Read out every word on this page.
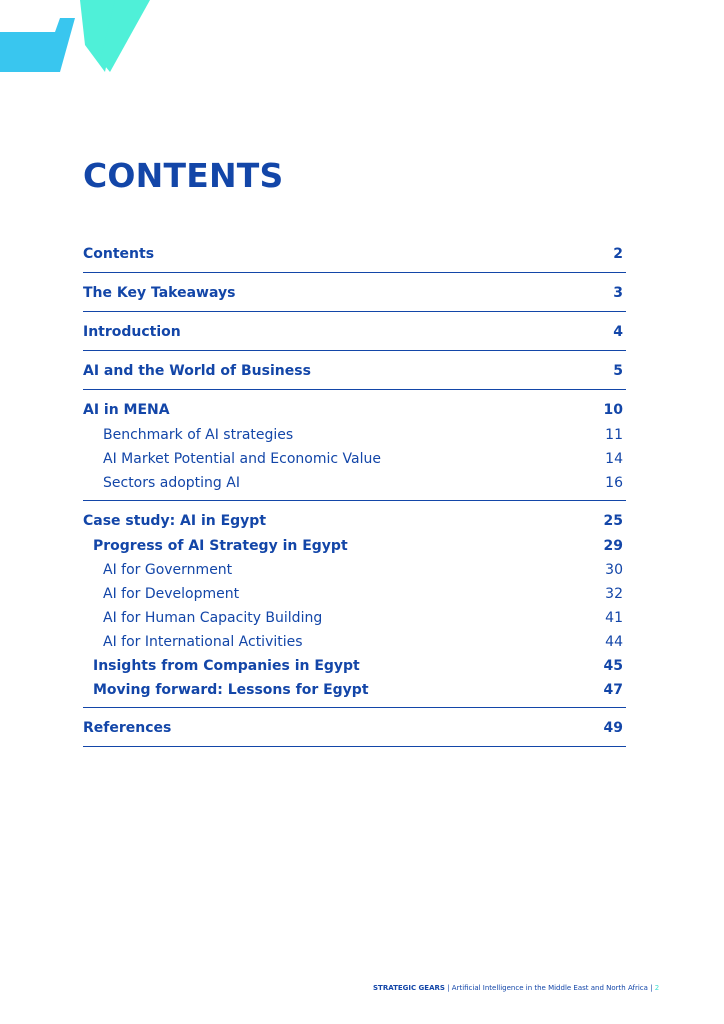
CONTENTS
Contents	2
The Key Takeaways	3
Introduction	4
AI and the World of Business	5
AI in MENA	10
Benchmark of AI strategies	11
AI Market Potential and Economic Value	14
Sectors adopting AI	16
Case study: AI in Egypt	25
Progress of AI Strategy in Egypt	29
AI for Government	30
AI for Development	32
AI for Human Capacity Building	41
AI for International Activities	44
Insights from Companies in Egypt	45
Moving forward: Lessons for Egypt	47
References	49
STRATEGIC GEARS | Artificial Intelligence in the Middle East and North Africa | 2
